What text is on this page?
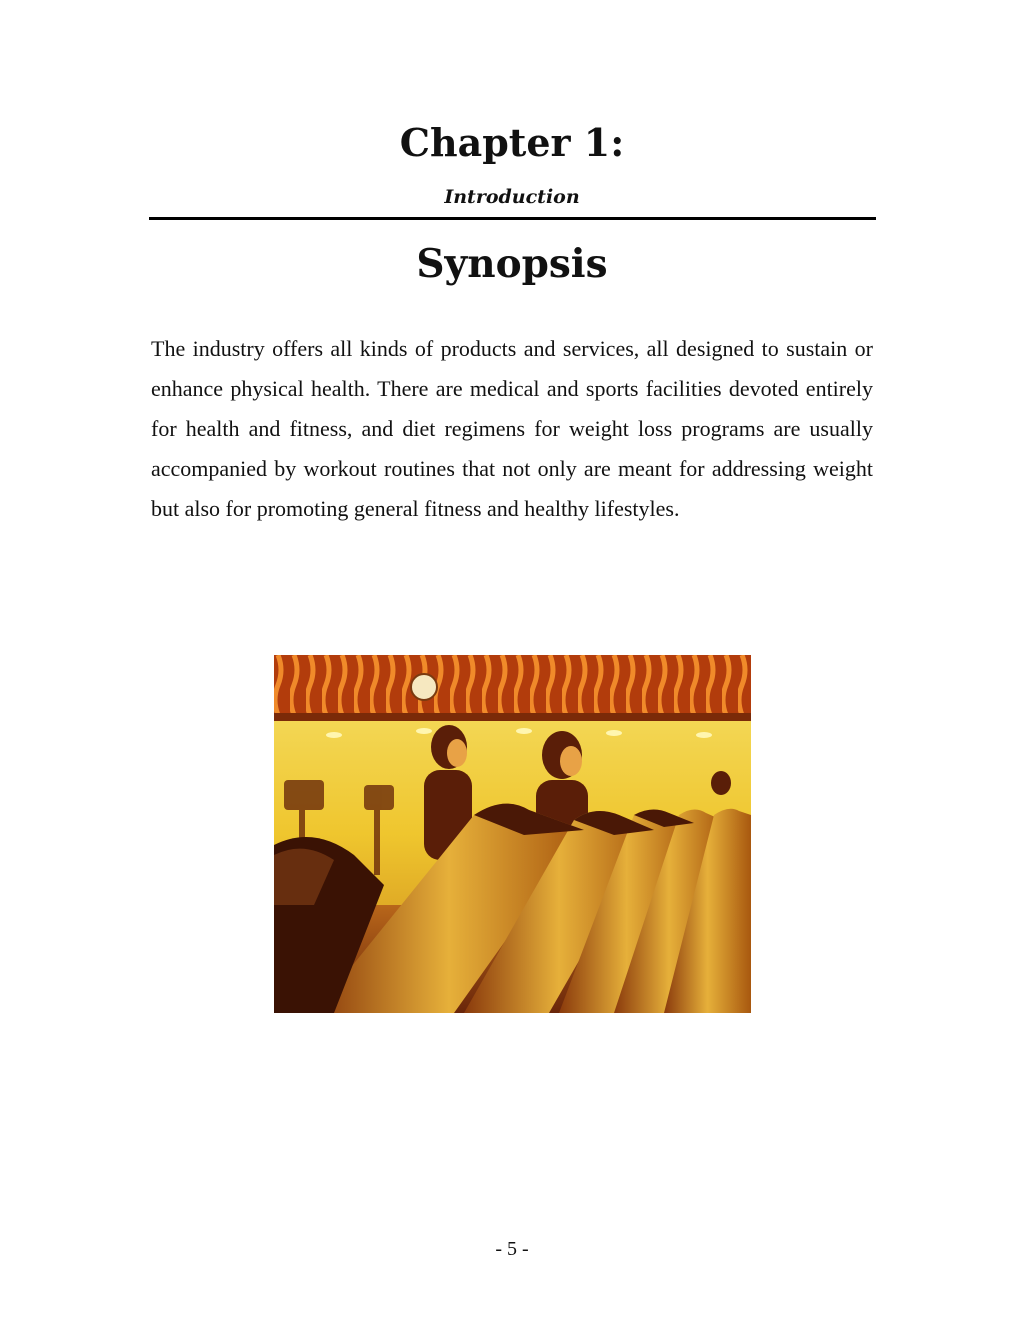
Chapter 1:
Introduction
Synopsis

The industry offers all kinds of products and services, all designed to sustain or enhance physical health. There are medical and sports facilities devoted entirely for health and fitness, and diet regimens for weight loss programs are usually accompanied by workout routines that not only are meant for addressing weight but also for promoting general fitness and healthy lifestyles.

- 5 -
